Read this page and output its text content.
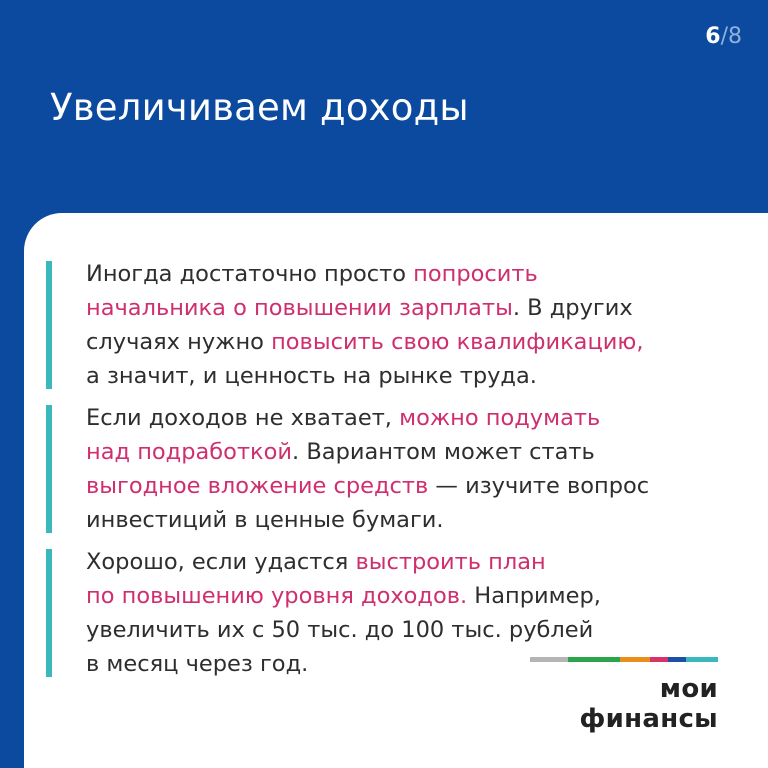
6/8
Увеличиваем доходы
Иногда достаточно просто попросить
начальника о повышении зарплаты. В других
случаях нужно повысить свою квалификацию,
а значит, и ценность на рынке труда.
Если доходов не хватает, можно подумать
над подработкой. Вариантом может стать
выгодное вложение средств — изучите вопрос
инвестиций в ценные бумаги.
Хорошо, если удастся выстроить план
по повышению уровня доходов. Например,
увеличить их с 50 тыс. до 100 тыс. рублей
в месяц через год.
мои финансы
